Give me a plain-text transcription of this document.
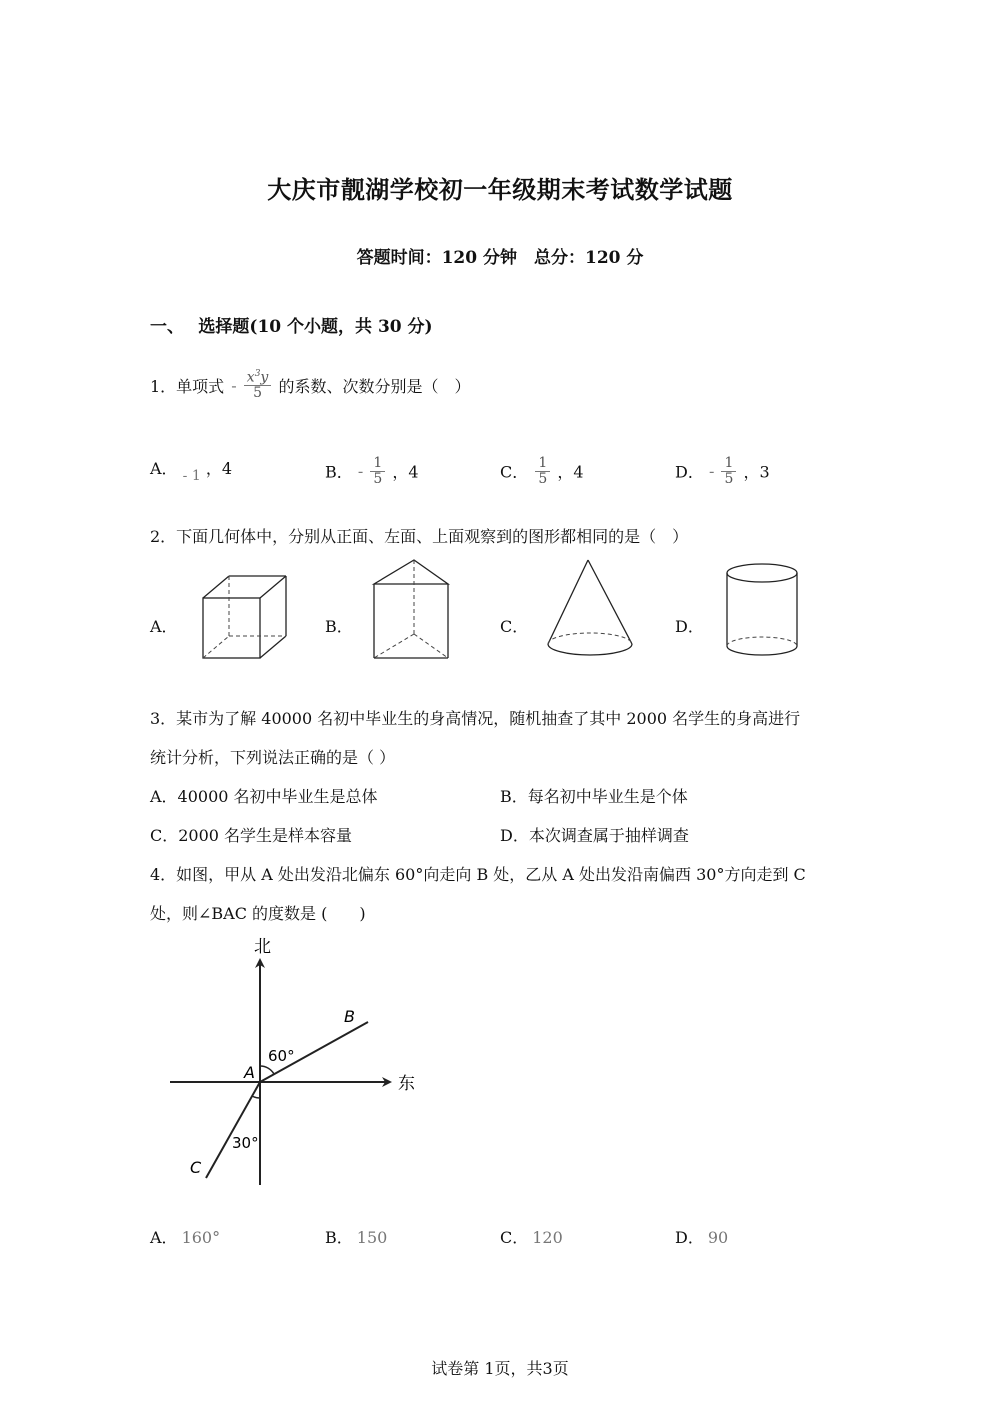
大庆市靓湖学校初一年级期末考试数学试题
答题时间：120 分钟　总分：120 分
一、　 选择题(10 个小题，共 30 分)
1．单项式 - $\frac{x^3y}{5}$ 的系数、次数分别是（　）
A． - 1 ，4	B． - $\frac{1}{5}$ ，4	C． $\frac{1}{5}$ ，4	D． - $\frac{1}{5}$ ，3
2．下面几何体中，分别从正面、左面、上面观察到的图形都相同的是（　）
A．	B．	C．	D．
3．某市为了解 40000 名初中毕业生的身高情况，随机抽查了其中 2000 名学生的身高进行
统计分析，下列说法正确的是（ ）
A．40000 名初中毕业生是总体	B．每名初中毕业生是个体
C．2000 名学生是样本容量	D．本次调查属于抽样调查
4．如图，甲从 A 处出发沿北偏东 60°向走向 B 处，乙从 A 处出发沿南偏西 30°方向走到 C
处，则∠BAC 的度数是 (　　)
北
东
A
B
C
60°
30°
A． 160°	B． 150	C． 120	D． 90
试卷第 1页，共3页
